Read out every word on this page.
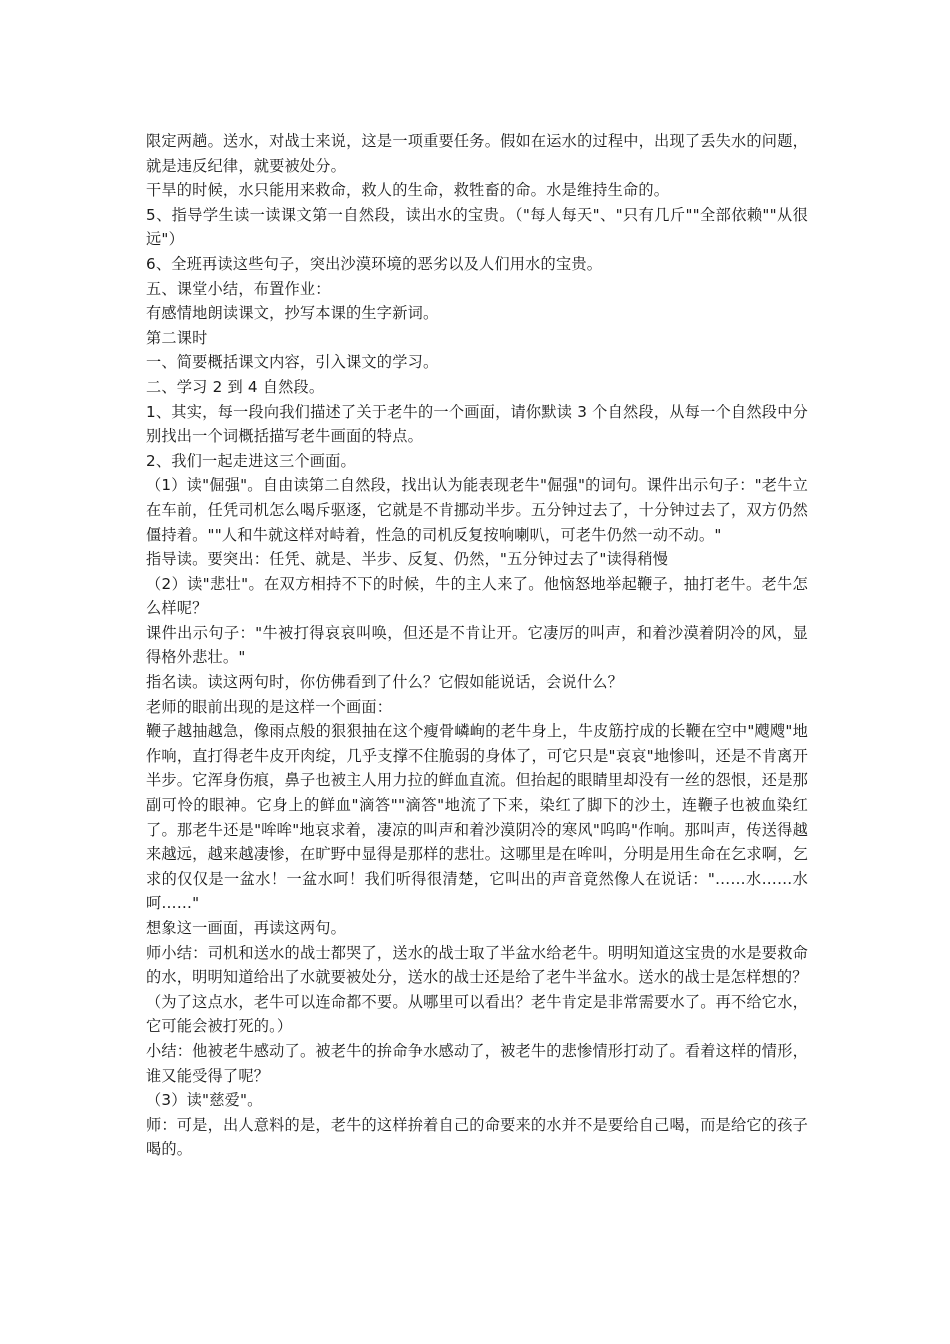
限定两趟。送水，对战士来说，这是一项重要任务。假如在运水的过程中，出现了丢失水的问题，就是违反纪律，就要被处分。

干旱的时候，水只能用来救命，救人的生命，救牲畜的命。水是维持生命的。

5、指导学生读一读课文第一自然段，读出水的宝贵。（"每人每天"、"只有几斤""全部依赖""从很远"）

6、全班再读这些句子，突出沙漠环境的恶劣以及人们用水的宝贵。

五、课堂小结，布置作业：

有感情地朗读课文，抄写本课的生字新词。

第二课时

一、简要概括课文内容，引入课文的学习。

二、学习 2 到 4 自然段。

1、其实，每一段向我们描述了关于老牛的一个画面，请你默读 3 个自然段，从每一个自然段中分别找出一个词概括描写老牛画面的特点。

2、我们一起走进这三个画面。

（1）读"倔强"。自由读第二自然段，找出认为能表现老牛"倔强"的词句。课件出示句子："老牛立在车前，任凭司机怎么喝斥驱逐，它就是不肯挪动半步。五分钟过去了，十分钟过去了，双方仍然僵持着。""人和牛就这样对峙着，性急的司机反复按响喇叭，可老牛仍然一动不动。"

指导读。要突出：任凭、就是、半步、反复、仍然，"五分钟过去了"读得稍慢

（2）读"悲壮"。在双方相持不下的时候，牛的主人来了。他恼怒地举起鞭子，抽打老牛。老牛怎么样呢？

课件出示句子："牛被打得哀哀叫唤，但还是不肯让开。它凄厉的叫声，和着沙漠着阴冷的风，显得格外悲壮。"

指名读。读这两句时，你仿佛看到了什么？它假如能说话，会说什么？

老师的眼前出现的是这样一个画面：

鞭子越抽越急，像雨点般的狠狠抽在这个瘦骨嶙峋的老牛身上，牛皮筋拧成的长鞭在空中"飕飕"地作响，直打得老牛皮开肉绽，几乎支撑不住脆弱的身体了，可它只是"哀哀"地惨叫，还是不肯离开半步。它浑身伤痕，鼻子也被主人用力拉的鲜血直流。但抬起的眼睛里却没有一丝的怨恨，还是那副可怜的眼神。它身上的鲜血"滴答""滴答"地流了下来，染红了脚下的沙土，连鞭子也被血染红了。那老牛还是"哞哞"地哀求着，凄凉的叫声和着沙漠阴冷的寒风"呜呜"作响。那叫声，传送得越来越远，越来越凄惨，在旷野中显得是那样的悲壮。这哪里是在哞叫，分明是用生命在乞求啊，乞求的仅仅是一盆水！一盆水呵！我们听得很清楚，它叫出的声音竟然像人在说话："……水……水呵……"

想象这一画面，再读这两句。

师小结：司机和送水的战士都哭了，送水的战士取了半盆水给老牛。明明知道这宝贵的水是要救命的水，明明知道给出了水就要被处分，送水的战士还是给了老牛半盆水。送水的战士是怎样想的？

（为了这点水，老牛可以连命都不要。从哪里可以看出？老牛肯定是非常需要水了。再不给它水，它可能会被打死的。）

小结：他被老牛感动了。被老牛的拚命争水感动了，被老牛的悲惨情形打动了。看着这样的情形，谁又能受得了呢？

（3）读"慈爱"。

师：可是，出人意料的是，老牛的这样拚着自己的命要来的水并不是要给自己喝，而是给它的孩子喝的。
